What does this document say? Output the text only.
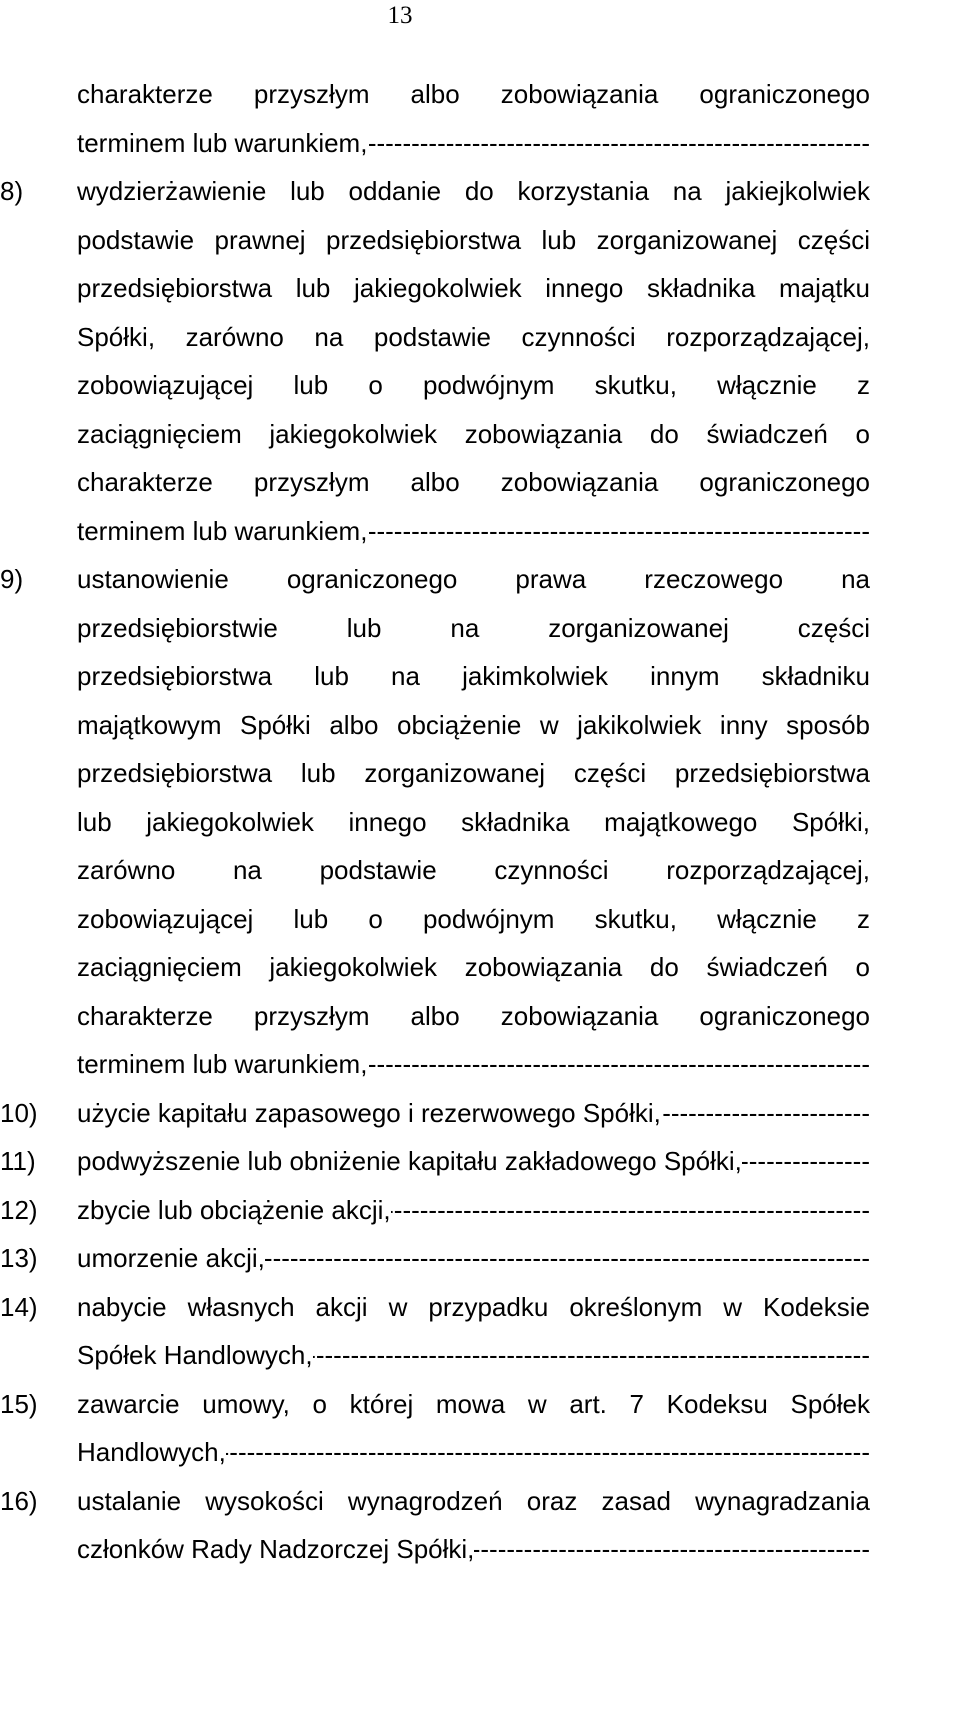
13
charakterze przyszłym albo zobowiązania ograniczonego
terminem lub warunkiem,
-----
8) wydzierżawienie lub oddanie do korzystania na jakiejkolwiek
podstawie prawnej przedsiębiorstwa lub zorganizowanej części
przedsiębiorstwa lub jakiegokolwiek innego składnika majątku
Spółki, zarówno na podstawie czynności rozporządzającej,
zobowiązującej lub o podwójnym skutku, włącznie z
zaciągnięciem jakiegokolwiek zobowiązania do świadczeń o
charakterze przyszłym albo zobowiązania ograniczonego
terminem lub warunkiem,
-----
9) ustanowienie ograniczonego prawa rzeczowego na
przedsiębiorstwie lub na zorganizowanej części
przedsiębiorstwa lub na jakimkolwiek innym składniku
majątkowym Spółki albo obciążenie w jakikolwiek inny sposób
przedsiębiorstwa lub zorganizowanej części przedsiębiorstwa
lub jakiegokolwiek innego składnika majątkowego Spółki,
zarówno na podstawie czynności rozporządzającej,
zobowiązującej lub o podwójnym skutku, włącznie z
zaciągnięciem jakiegokolwiek zobowiązania do świadczeń o
charakterze przyszłym albo zobowiązania ograniczonego
terminem lub warunkiem,
-----
10) użycie kapitału zapasowego i rezerwowego Spółki,
-----
11) podwyższenie lub obniżenie kapitału zakładowego Spółki,
-----
12) zbycie lub obciążenie akcji,
-----
13) umorzenie akcji,
-----
14) nabycie własnych akcji w przypadku określonym w Kodeksie
Spółek Handlowych,
-----
15) zawarcie umowy, o której mowa w art. 7 Kodeksu Spółek
Handlowych,
-----
16) ustalanie wysokości wynagrodzeń oraz zasad wynagradzania
członków Rady Nadzorczej Spółki,
-----
